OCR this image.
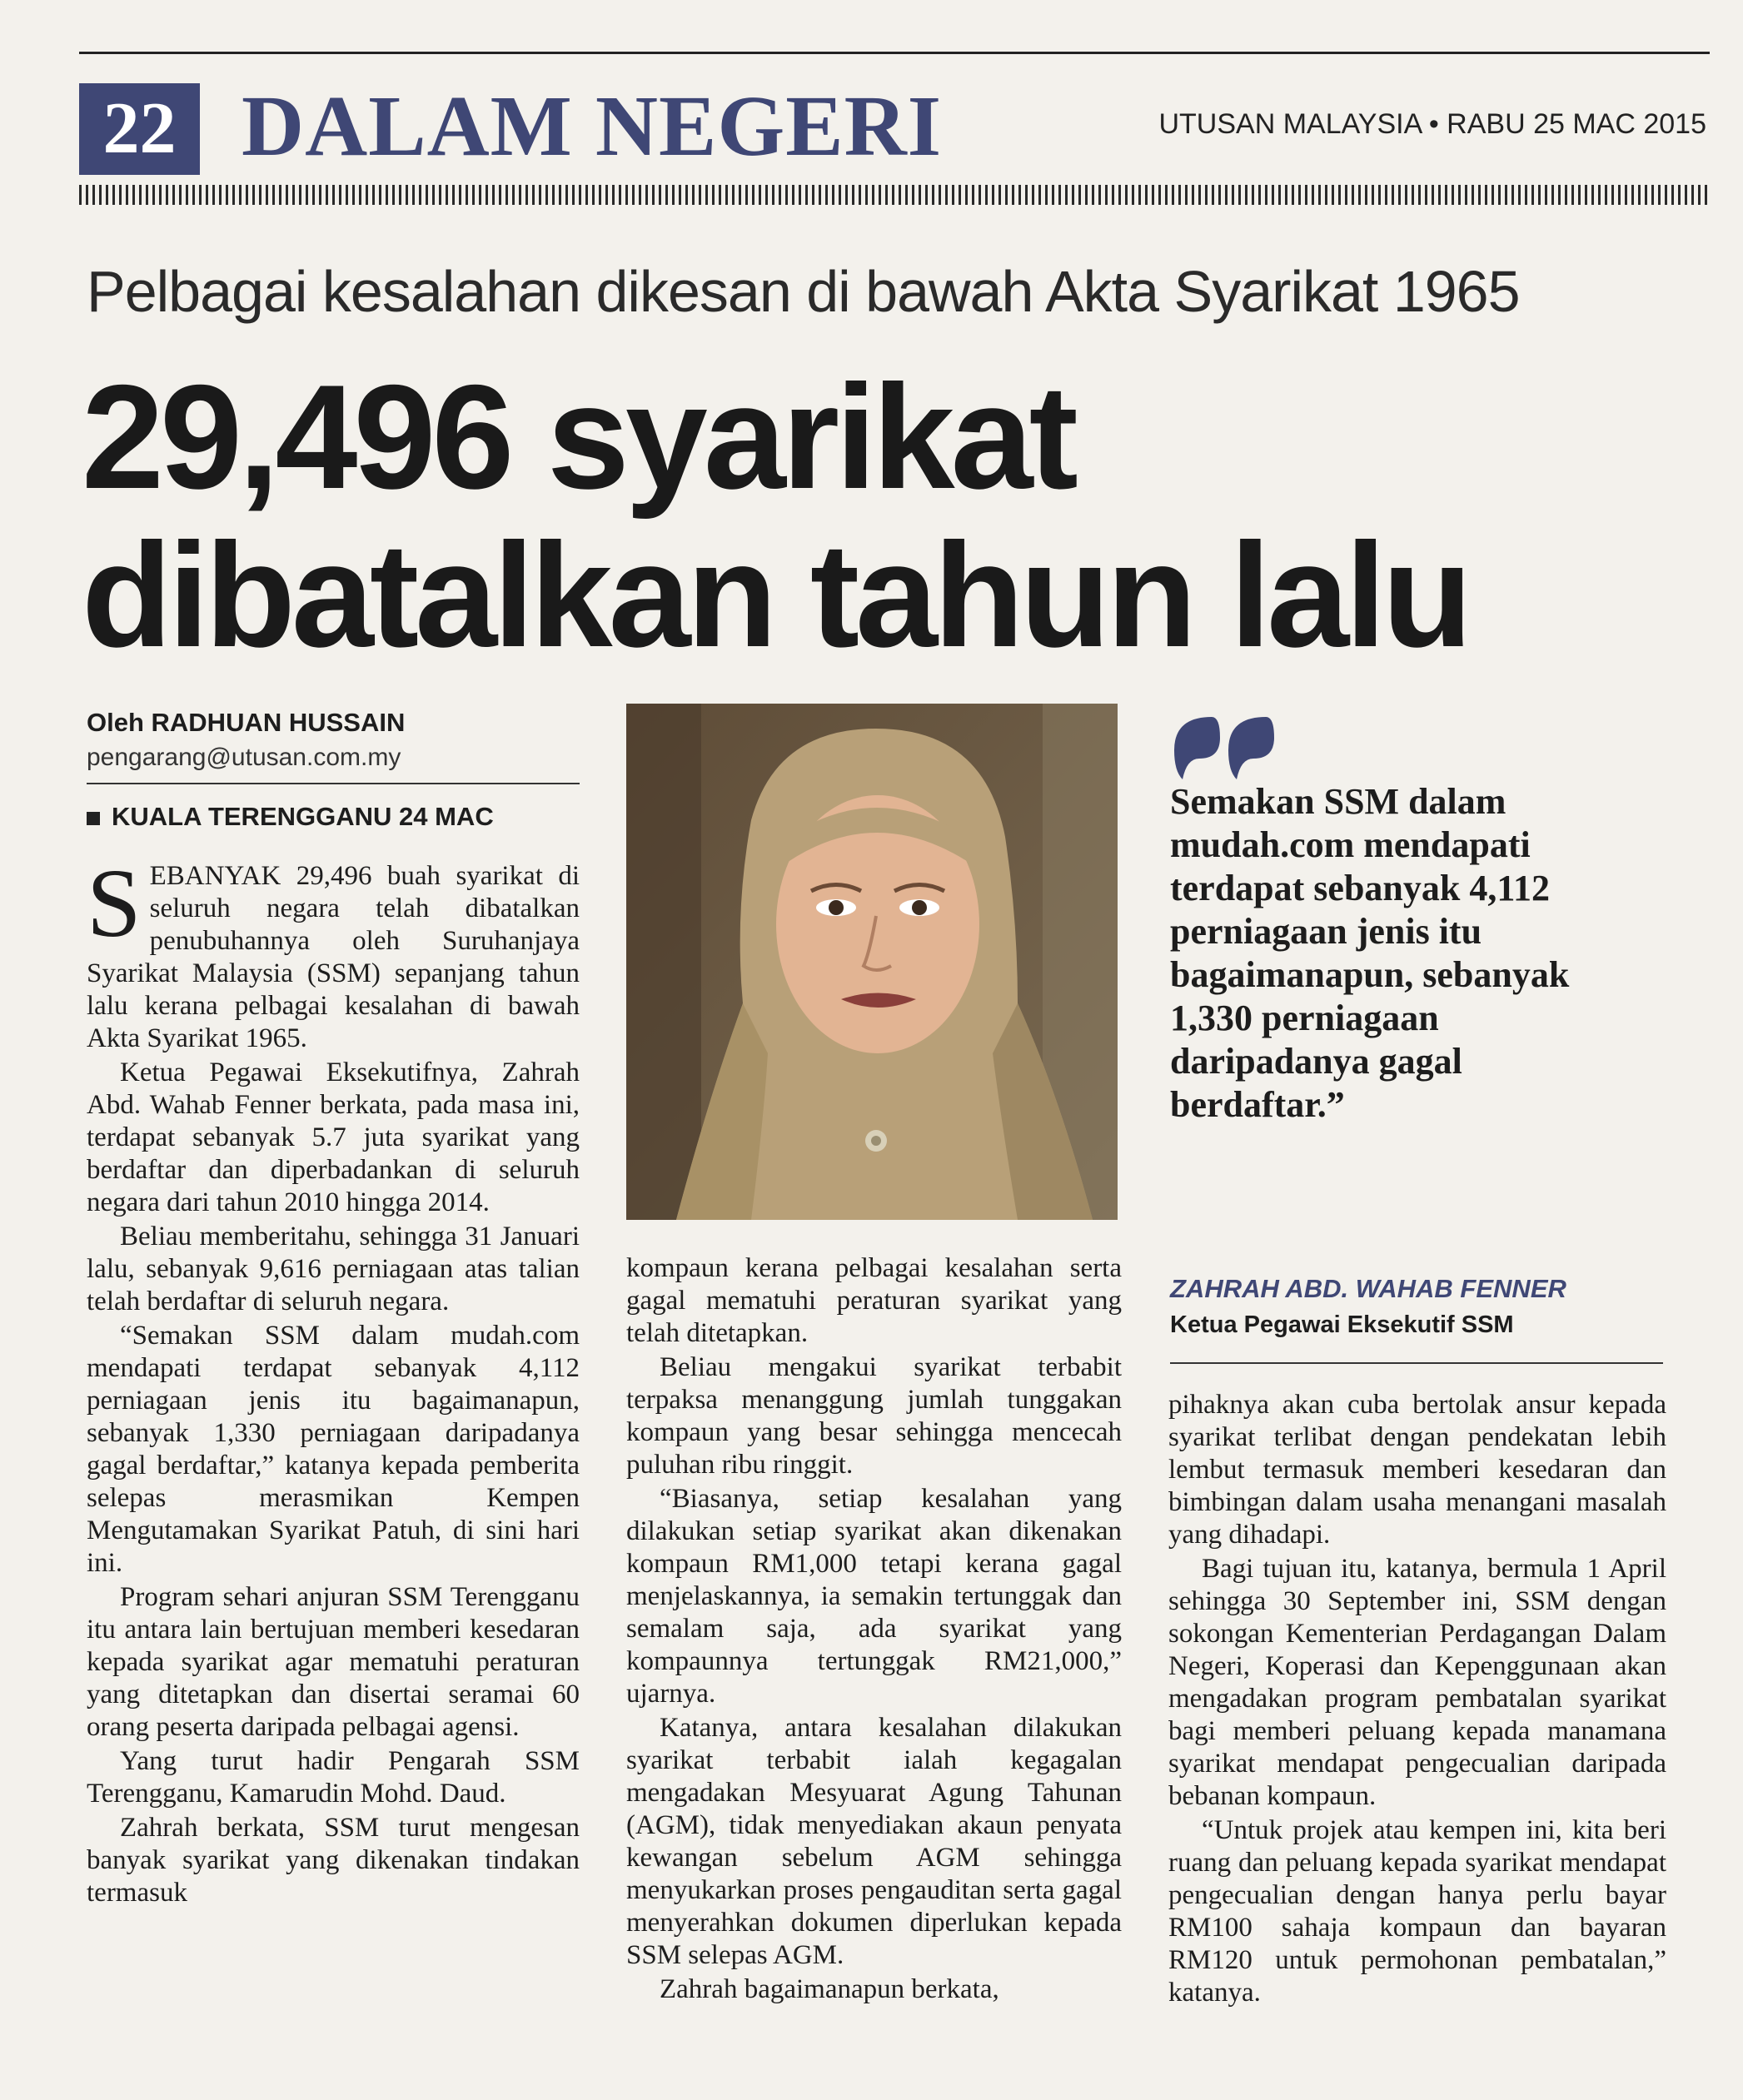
22 DALAM NEGERI	UTUSAN MALAYSIA • RABU 25 MAC 2015
Pelbagai kesalahan dikesan di bawah Akta Syarikat 1965
29,496 syarikat
dibatalkan tahun lalu
Oleh RADHUAN HUSSAIN
pengarang@utusan.com.my
KUALA TERENGGANU 24 MAC

SEBANYAK 29,496 buah syarikat di seluruh negara telah dibatalkan penubuhannya oleh Suruhanjaya Syarikat Malaysia (SSM) sepanjang tahun lalu kerana pelbagai kesalahan di bawah Akta Syarikat 1965.

Ketua Pegawai Eksekutifnya, Zahrah Abd. Wahab Fenner berkata, pada masa ini, terdapat sebanyak 5.7 juta syarikat yang berdaftar dan diperbadankan di seluruh negara dari tahun 2010 hingga 2014.

Beliau memberitahu, sehingga 31 Januari lalu, sebanyak 9,616 perniagaan atas talian telah berdaftar di seluruh negara.

“Semakan SSM dalam mudah.com mendapati terdapat sebanyak 4,112 perniagaan jenis itu bagaimanapun, sebanyak 1,330 perniagaan daripadanya gagal berdaftar,” katanya kepada pemberita selepas merasmikan Kempen Mengutamakan Syarikat Patuh, di sini hari ini.

Program sehari anjuran SSM Terengganu itu antara lain bertujuan memberi kesedaran kepada syarikat agar mematuhi peraturan yang ditetapkan dan disertai seramai 60 orang peserta daripada pelbagai agensi.

Yang turut hadir Pengarah SSM Terengganu, Kamarudin Mohd. Daud.

Zahrah berkata, SSM turut mengesan banyak syarikat yang dikenakan tindakan termasuk

Semakan SSM dalam mudah.com mendapati terdapat sebanyak 4,112 perniagaan jenis itu bagaimanapun, sebanyak 1,330 perniagaan daripadanya gagal berdaftar.”
ZAHRAH ABD. WAHAB FENNER
Ketua Pegawai Eksekutif SSM

kompaun kerana pelbagai kesalahan serta gagal mematuhi peraturan syarikat yang telah ditetapkan.

Beliau mengakui syarikat terbabit terpaksa menanggung jumlah tunggakan kompaun yang besar sehingga mencecah puluhan ribu ringgit.

“Biasanya, setiap kesalahan yang dilakukan setiap syarikat akan dikenakan kompaun RM1,000 tetapi kerana gagal menjelaskannya, ia semakin tertunggak dan semalam saja, ada syarikat yang kompaunnya tertunggak RM21,000,” ujarnya.

Katanya, antara kesalahan dilakukan syarikat terbabit ialah kegagalan mengadakan Mesyuarat Agung Tahunan (AGM), tidak menyediakan akaun penyata kewangan sebelum AGM sehingga menyukarkan proses pengauditan serta gagal menyerahkan dokumen diperlukan kepada SSM selepas AGM.

Zahrah bagaimanapun berkata,

pihaknya akan cuba bertolak ansur kepada syarikat terlibat dengan pendekatan lebih lembut termasuk memberi kesedaran dan bimbingan dalam usaha menangani masalah yang dihadapi.

Bagi tujuan itu, katanya, bermula 1 April sehingga 30 September ini, SSM dengan sokongan Kementerian Perdagangan Dalam Negeri, Koperasi dan Kepenggunaan akan mengadakan program pembatalan syarikat bagi memberi peluang kepada manamana syarikat mendapat pengecualian daripada bebanan kompaun.

“Untuk projek atau kempen ini, kita beri ruang dan peluang kepada syarikat mendapat pengecualian dengan hanya perlu bayar RM100 sahaja kompaun dan bayaran RM120 untuk permohonan pembatalan,” katanya.
